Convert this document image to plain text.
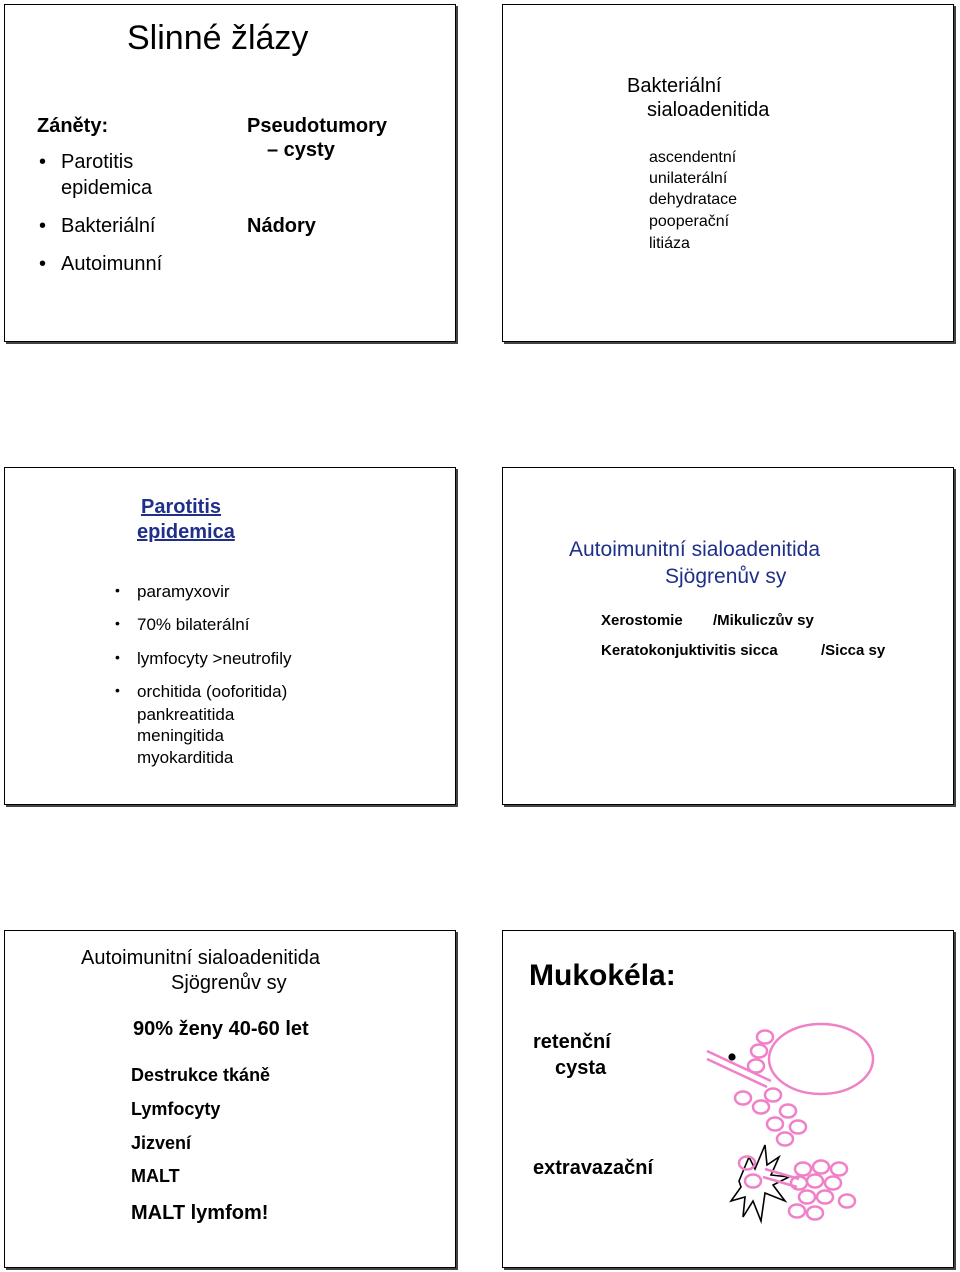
Slinné žlázy
Záněty:
• Parotitis
epidemica
• Bakteriální
• Autoimunní
Pseudotumory
– cysty
Nádory
Bakteriální
sialoadenitida
ascendentní
unilaterální
dehydratace
pooperační
litiáza
Parotitis
epidemica
• paramyxovir
• 70% bilaterální
• lymfocyty >neutrofily
• orchitida (ooforitida)
pankreatitida
meningitida
myokarditida
Autoimunitní sialoadenitida
Sjögrenův sy
Xerostomie /Mikuliczův sy
Keratokonjuktivitis sicca	/Sicca sy
Autoimunitní sialoadenitida
Sjögrenův sy
90% ženy 40-60 let
Destrukce tkáně
Lymfocyty
Jizvení
MALT
MALT lymfom!
Mukokéla:
retenční
cysta
extravazační
